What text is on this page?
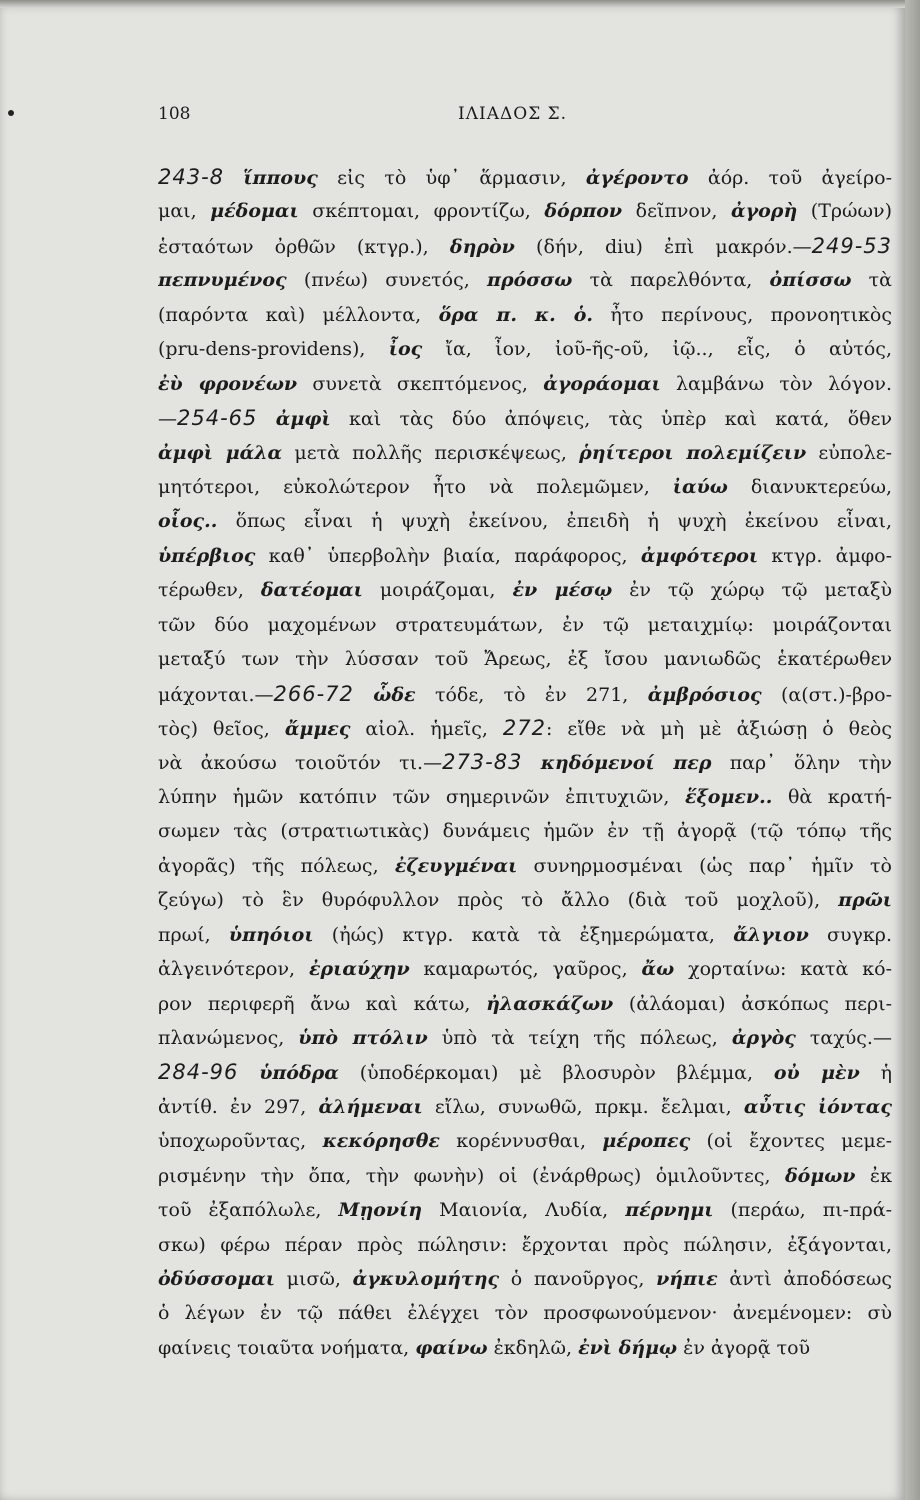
108	ΙΛΙΑΔΟΣ Σ.
243-8 ἵππους εἰς τὸ ὑφ᾽ ἅρμασιν, ἀγέροντο ἀόρ. τοῦ ἀγείρο-
μαι, μέδομαι σκέπτομαι, φροντίζω, δόρπον δεῖπνον, ἀγορὴ (Τρώων)
ἑσταότων ὀρθῶν (κτγρ.), δηρὸν (δήν, diu) ἐπὶ μακρόν.—249-53
πεπνυμένος (πνέω) συνετός, πρόσσω τὰ παρελθόντα, ὀπίσσω τὰ
(παρόντα καὶ) μέλλοντα, ὅρα π. κ. ὁ. ἦτο περίνους, προνοητικὸς
(pru-dens-providens), ἶος ἴα, ἶον, ἰοῦ-ῆς-οῦ, ἰῷ.., εἷς, ὁ αὐτός,
ἐὺ φρονέων συνετὰ σκεπτόμενος, ἀγοράομαι λαμβάνω τὸν λόγον.
—254-65 ἀμφὶ καὶ τὰς δύο ἀπόψεις, τὰς ὑπὲρ καὶ κατά, ὅθεν
ἀμφὶ μάλα μετὰ πολλῆς περισκέψεως, ῥηίτεροι πολεμίζειν εὐπολε-
μητότεροι, εὐκολώτερον ἦτο νὰ πολεμῶμεν, ἰαύω διανυκτερεύω,
οἷος.. ὅπως εἶναι ἡ ψυχὴ ἐκείνου, ἐπειδὴ ἡ ψυχὴ ἐκείνου εἶναι,
ὑπέρβιος καθ᾽ ὑπερβολὴν βιαία, παράφορος, ἀμφότεροι κτγρ. ἀμφο-
τέρωθεν, δατέομαι μοιράζομαι, ἐν μέσῳ ἐν τῷ χώρῳ τῷ μεταξὺ
τῶν δύο μαχομένων στρατευμάτων, ἐν τῷ μεταιχμίῳ: μοιράζονται
μεταξύ των τὴν λύσσαν τοῦ Ἄρεως, ἐξ ἴσου μανιωδῶς ἑκατέρωθεν
μάχονται.—266-72 ὧδε τόδε, τὸ ἐν 271, ἀμβρόσιος (α(στ.)-βρο-
τὸς) θεῖος, ἄμμες αἰολ. ἡμεῖς, 272: εἴθε νὰ μὴ μὲ ἀξιώσῃ ὁ θεὸς
νὰ ἀκούσω τοιοῦτόν τι.—273-83 κηδόμενοί περ παρ᾽ ὅλην τὴν
λύπην ἡμῶν κατόπιν τῶν σημερινῶν ἐπιτυχιῶν, ἕξομεν.. θὰ κρατή-
σωμεν τὰς (στρατιωτικὰς) δυνάμεις ἡμῶν ἐν τῇ ἀγορᾷ (τῷ τόπῳ τῆς
ἀγορᾶς) τῆς πόλεως, ἐζευγμέναι συνηρμοσμέναι (ὡς παρ᾽ ἡμῖν τὸ
ζεύγω) τὸ ἓν θυρόφυλλον πρὸς τὸ ἄλλο (διὰ τοῦ μοχλοῦ), πρῶι
πρωί, ὑπηόιοι (ἠώς) κτγρ. κατὰ τὰ ἐξημερώματα, ἄλγιον συγκρ.
ἀλγεινότερον, ἐριαύχην καμαρωτός, γαῦρος, ἄω χορταίνω: κατὰ κό-
ρον περιφερῆ ἄνω καὶ κάτω, ἠλασκάζων (ἀλάομαι) ἀσκόπως περι-
πλανώμενος, ὑπὸ πτόλιν ὑπὸ τὰ τείχη τῆς πόλεως, ἀργὸς ταχύς.—
284-96 ὑπόδρα (ὑποδέρκομαι) μὲ βλοσυρὸν βλέμμα, οὐ μὲν ἡ
ἀντίθ. ἐν 297, ἀλήμεναι εἴλω, συνωθῶ, πρκμ. ἔελμαι, αὖτις ἰόντας
ὑποχωροῦντας, κεκόρησθε κορέννυσθαι, μέροπες (οἱ ἔχοντες μεμε-
ρισμένην τὴν ὄπα, τὴν φωνὴν) οἱ (ἐνάρθρως) ὁμιλοῦντες, δόμων ἐκ
τοῦ ἐξαπόλωλε, Μῃονίη Μαιονία, Λυδία, πέρνημι (περάω, πι-πρά-
σκω) φέρω πέραν πρὸς πώλησιν: ἔρχονται πρὸς πώλησιν, ἐξάγονται,
ὀδύσσομαι μισῶ, ἀγκυλομήτης ὁ πανοῦργος, νήπιε ἀντὶ ἀποδόσεως
ὁ λέγων ἐν τῷ πάθει ἐλέγχει τὸν προσφωνούμενον· ἀνεμένομεν: σὺ
φαίνεις τοιαῦτα νοήματα, φαίνω ἐκδηλῶ, ἐνὶ δήμῳ ἐν ἀγορᾷ τοῦ
